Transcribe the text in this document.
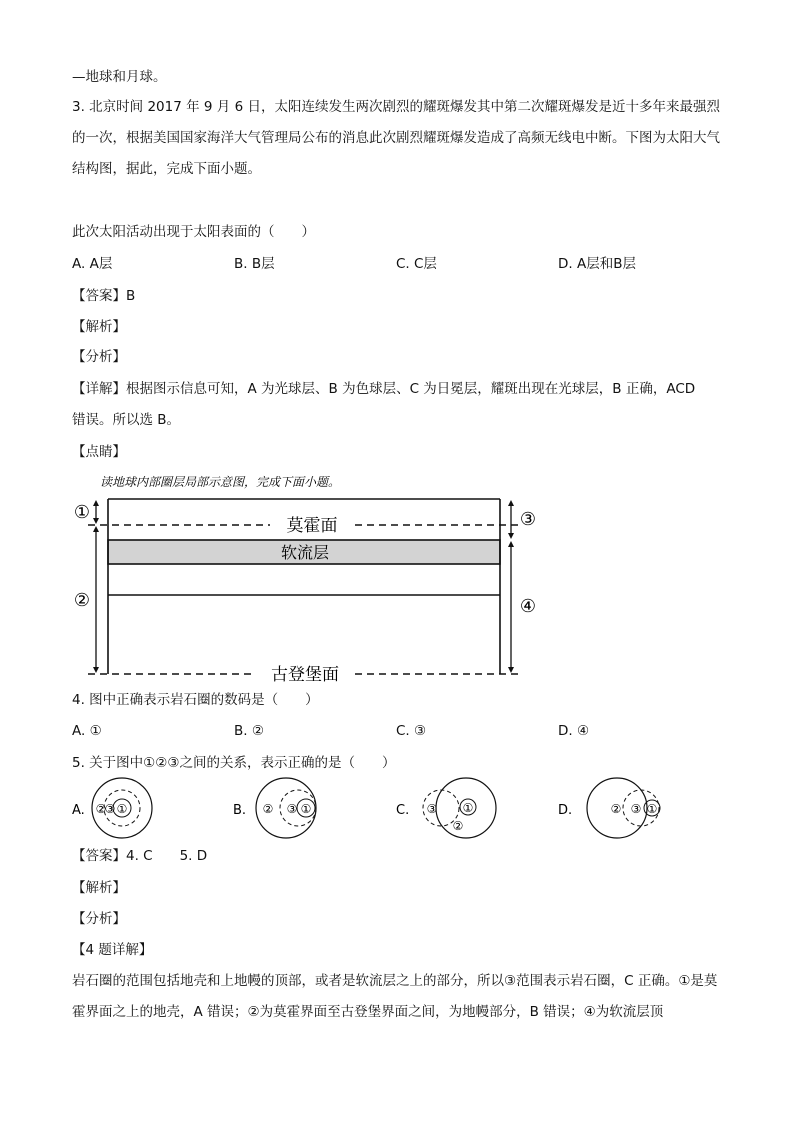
—地球和月球。
3. 北京时间 2017 年 9 月 6 日，太阳连续发生两次剧烈的耀斑爆发其中第二次耀斑爆发是近十多年来最强烈的一次，根据美国国家海洋大气管理局公布的消息此次剧烈耀斑爆发造成了高频无线电中断。下图为太阳大气结构图，据此，完成下面小题。
此次太阳活动出现于太阳表面的（　　）
A. A层	B. B层	C. C层	D. A层和B层
【答案】B
【解析】
【分析】
【详解】根据图示信息可知，A 为光球层、B 为色球层、C 为日冕层，耀斑出现在光球层，B 正确，ACD
错误。所以选 B。
【点睛】
读地球内部圈层局部示意图，完成下面小题。
莫霍面
软流层
古登堡面
①
②
③
④
4. 图中正确表示岩石圈的数码是（　　）
A. ①	B. ②	C. ③	D. ④
5. 关于图中①②③之间的关系，表示正确的是（　　）
A. ②
③ ①	B. ② ③ ①	C. ③ ①
②
D.	② ③ ①
【答案】4. C　　5. D
【解析】
【分析】
【4 题详解】
岩石圈的范围包括地壳和上地幔的顶部，或者是软流层之上的部分，所以③范围表示岩石圈，C 正确。①是莫霍界面之上的地壳，A 错误；②为莫霍界面至古登堡界面之间，为地幔部分，B 错误；④为软流层顶
